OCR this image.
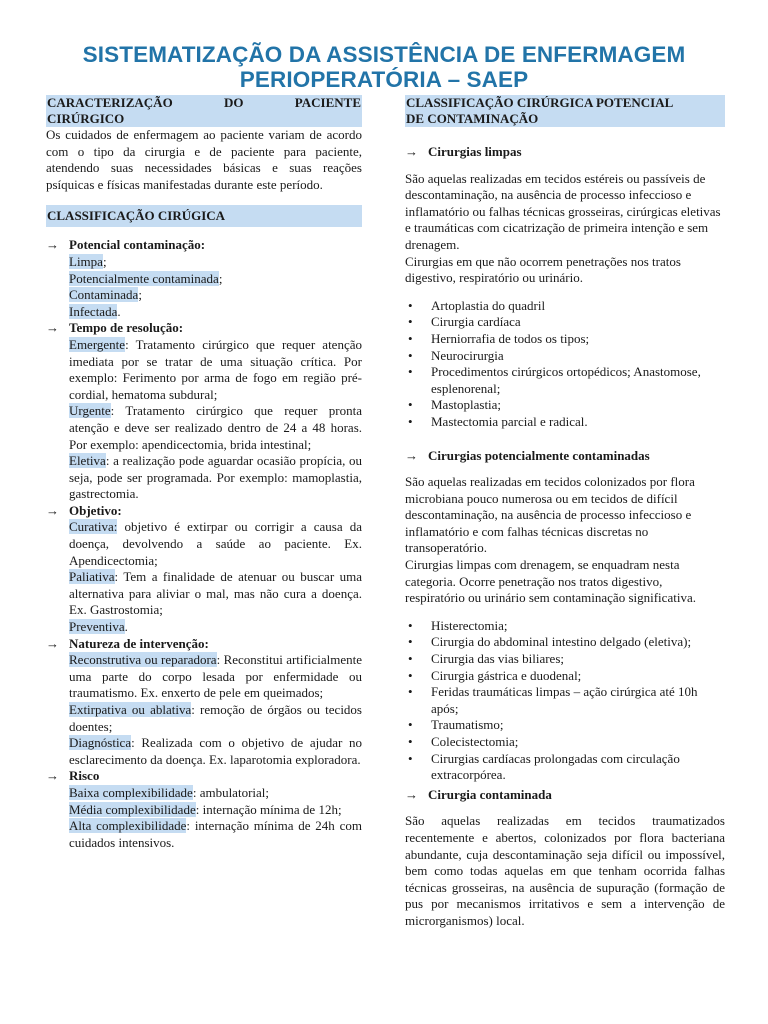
SISTEMATIZAÇÃO DA ASSISTÊNCIA DE ENFERMAGEM
PERIOPERATÓRIA – SAEP
CARACTERIZAÇÃO DO PACIENTE
CIRÚRGICO

Os cuidados de enfermagem ao paciente variam de acordo com o tipo da cirurgia e de paciente para paciente, atendendo suas necessidades básicas e suas reações psíquicas e físicas manifestadas durante este período.

CLASSIFICAÇÃO CIRÚGICA
→ Potencial contaminação:
Limpa;
Potencialmente contaminada;
Contaminada;
Infectada.
→ Tempo de resolução:

Emergente: Tratamento cirúrgico que requer atenção imediata por se tratar de uma situação crítica. Por exemplo: Ferimento por arma de fogo em região pré-cordial, hematoma subdural;

Urgente: Tratamento cirúrgico que requer pronta atenção e deve ser realizado dentro de 24 a 48 horas. Por exemplo: apendicectomia, brida intestinal;

Eletiva: a realização pode aguardar ocasião propícia, ou seja, pode ser programada. Por exemplo: mamoplastia, gastrectomia.

→ Objetivo:

Curativa: objetivo é extirpar ou corrigir a causa da doença, devolvendo a saúde ao paciente. Ex. Apendicectomia;

Paliativa: Tem a finalidade de atenuar ou buscar uma alternativa para aliviar o mal, mas não cura a doença. Ex. Gastrostomia;

Preventiva.

→ Natureza de intervenção:

Reconstrutiva ou reparadora: Reconstitui artificialmente uma parte do corpo lesada por enfermidade ou traumatismo. Ex. enxerto de pele em queimados;

Extirpativa ou ablativa: remoção de órgãos ou tecidos doentes;

Diagnóstica: Realizada com o objetivo de ajudar no esclarecimento da doença. Ex. laparotomia exploradora.

→ Risco

Baixa complexibilidade: ambulatorial;

Média complexibilidade: internação mínima de 12h;

Alta complexibilidade: internação mínima de 24h com cuidados intensivos.

CLASSIFICAÇÃO CIRÚRGICA POTENCIAL
DE CONTAMINAÇÃO
→ Cirurgias limpas

São aquelas realizadas em tecidos estéreis ou passíveis de descontaminação, na ausência de processo infeccioso e inflamatório ou falhas técnicas grosseiras, cirúrgicas eletivas e traumáticas com cicatrização de primeira intenção e sem drenagem.

Cirurgias em que não ocorrem penetrações nos tratos digestivo, respiratório ou urinário.

• Artoplastia do quadril
• Cirurgia cardíaca
• Herniorrafia de todos os tipos;
• Neurocirurgia
• Procedimentos cirúrgicos ortopédicos; Anastomose, esplenorenal;
• Mastoplastia;
• Mastectomia parcial e radical.
→ Cirurgias potencialmente contaminadas

São aquelas realizadas em tecidos colonizados por flora microbiana pouco numerosa ou em tecidos de difícil descontaminação, na ausência de processo infeccioso e inflamatório e com falhas técnicas discretas no transoperatório.

Cirurgias limpas com drenagem, se enquadram nesta categoria. Ocorre penetração nos tratos digestivo, respiratório ou urinário sem contaminação significativa.

• Histerectomia;
• Cirurgia do abdominal intestino delgado (eletiva);
• Cirurgia das vias biliares;
• Cirurgia gástrica e duodenal;
• Feridas traumáticas limpas – ação cirúrgica até 10h após;
• Traumatismo;
• Colecistectomia;
• Cirurgias cardíacas prolongadas com circulação extracorpórea.
→ Cirurgia contaminada

São aquelas realizadas em tecidos traumatizados recentemente e abertos, colonizados por flora bacteriana abundante, cuja descontaminação seja difícil ou impossível, bem como todas aquelas em que tenham ocorrida falhas técnicas grosseiras, na ausência de supuração (formação de pus por mecanismos irritativos e sem a intervenção de microrganismos) local.
